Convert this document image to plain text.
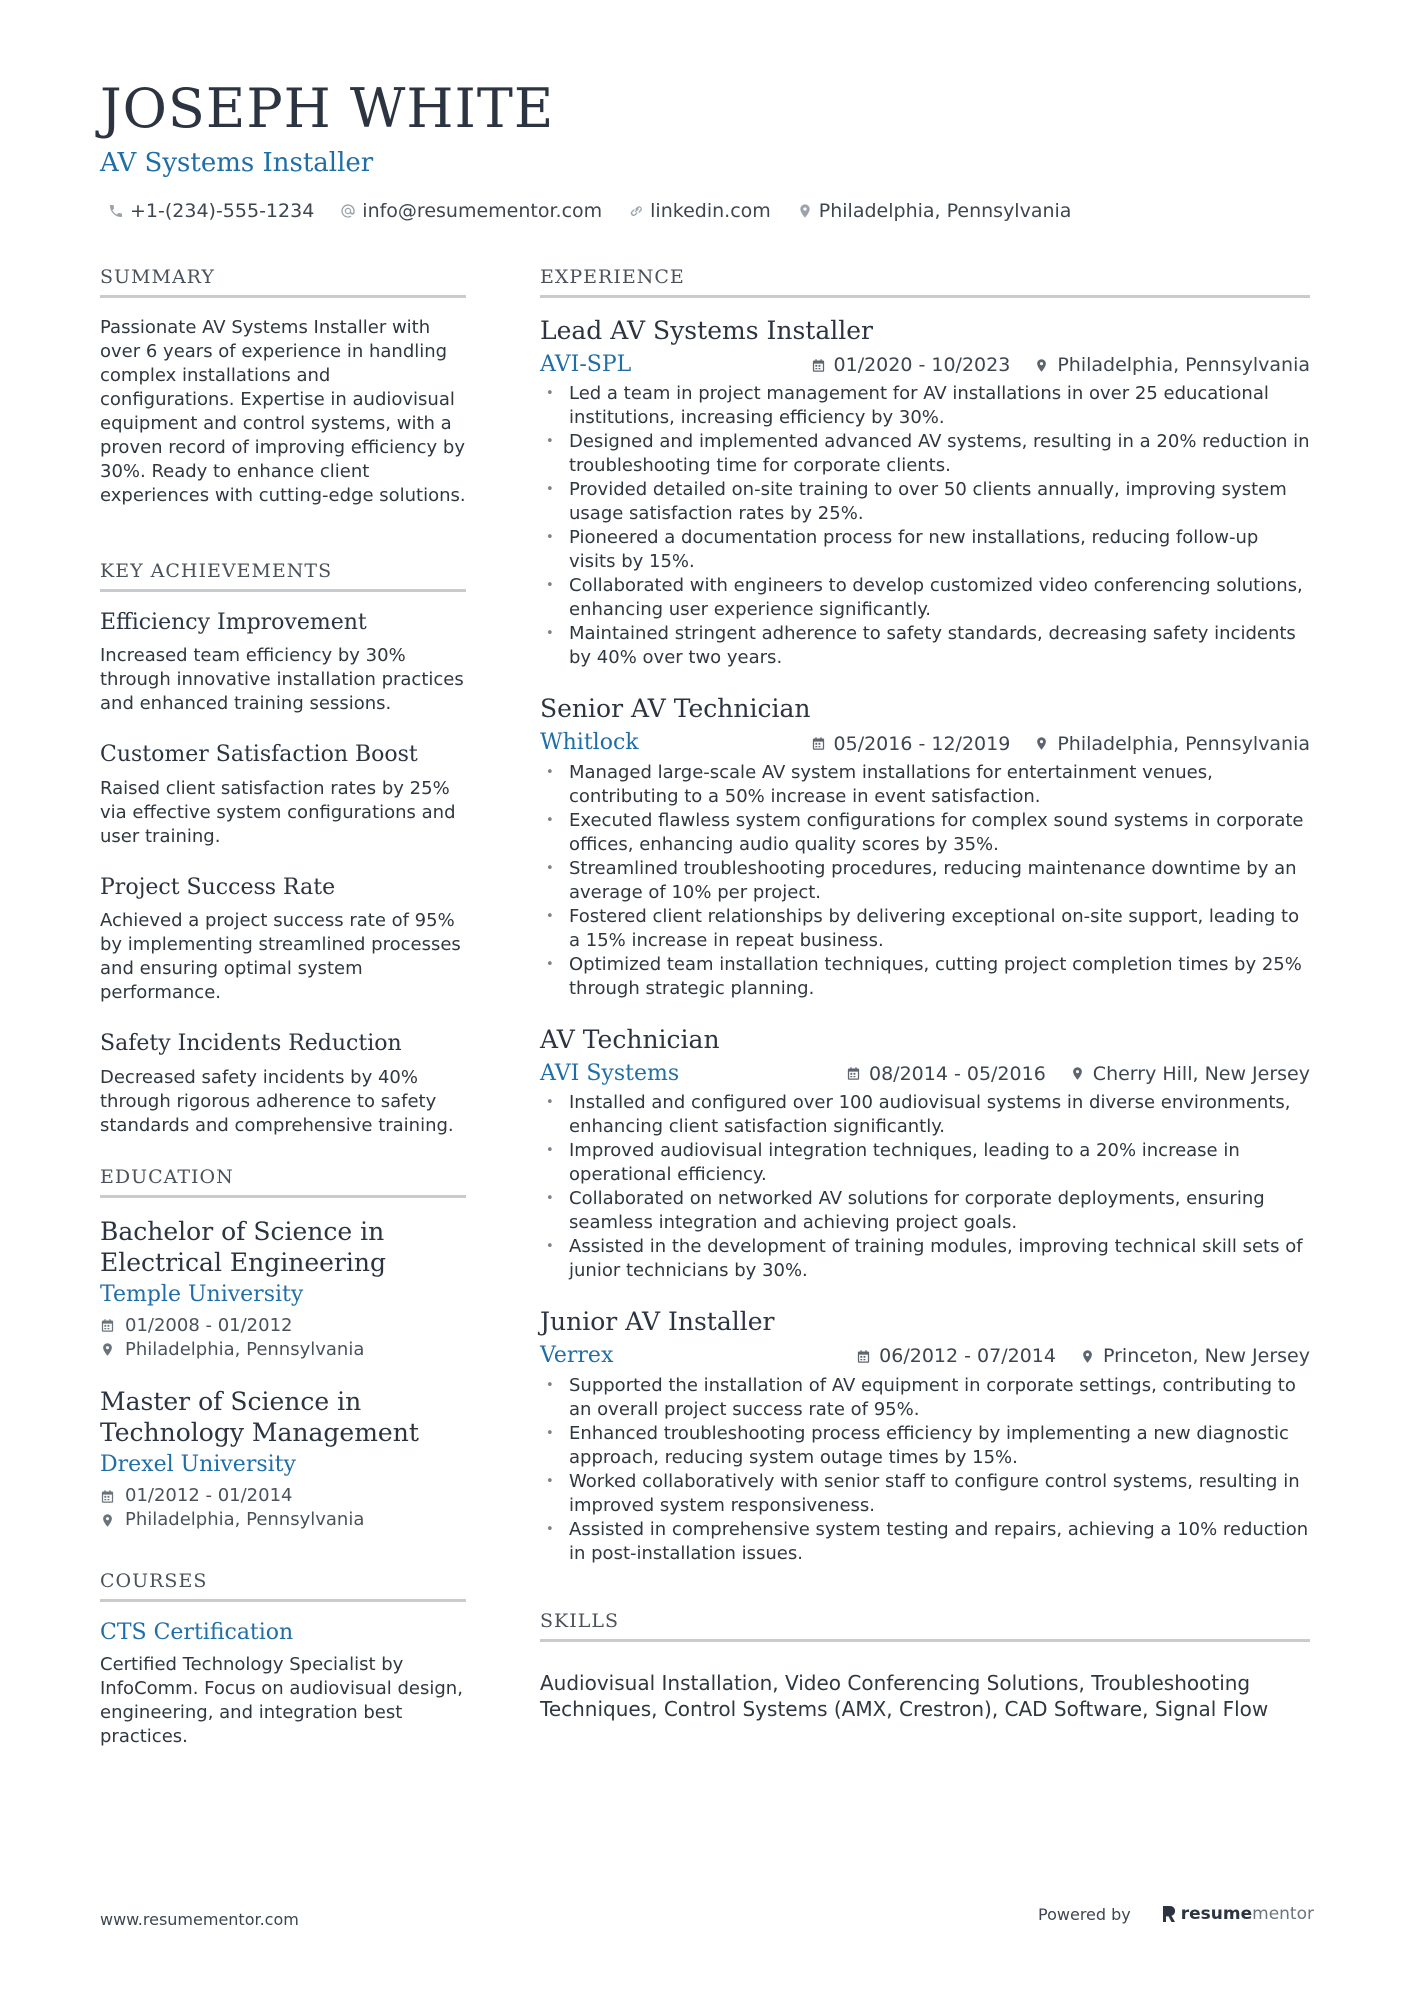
JOSEPH WHITE
AV Systems Installer
+1-(234)-555-1234	info@resumementor.com	linkedin.com	Philadelphia, Pennsylvania
SUMMARY

Passionate AV Systems Installer with over 6 years of experience in handling complex installations and configurations. Expertise in audiovisual equipment and control systems, with a proven record of improving efficiency by 30%. Ready to enhance client experiences with cutting-edge solutions.

KEY ACHIEVEMENTS
Efficiency Improvement

Increased team efficiency by 30% through innovative installation practices and enhanced training sessions.

Customer Satisfaction Boost

Raised client satisfaction rates by 25% via effective system configurations and user training.

Project Success Rate

Achieved a project success rate of 95% by implementing streamlined processes and ensuring optimal system performance.

Safety Incidents Reduction

Decreased safety incidents by 40% through rigorous adherence to safety standards and comprehensive training.

EDUCATION
Bachelor of Science in Electrical Engineering
Temple University
01/2008 - 01/2012
Philadelphia, Pennsylvania
Master of Science in Technology Management
Drexel University
01/2012 - 01/2014
Philadelphia, Pennsylvania
COURSES
CTS Certification

Certified Technology Specialist by InfoComm. Focus on audiovisual design, engineering, and integration best practices.

EXPERIENCE
Lead AV Systems Installer
AVI-SPL	01/2020 - 10/2023 Philadelphia, Pennsylvania
• Led a team in project management for AV installations in over 25 educational institutions, increasing efficiency by 30%.
• Designed and implemented advanced AV systems, resulting in a 20% reduction in troubleshooting time for corporate clients.
• Provided detailed on-site training to over 50 clients annually, improving system usage satisfaction rates by 25%.
• Pioneered a documentation process for new installations, reducing follow-up visits by 15%.
• Collaborated with engineers to develop customized video conferencing solutions, enhancing user experience significantly.
• Maintained stringent adherence to safety standards, decreasing safety incidents by 40% over two years.
Senior AV Technician
Whitlock	05/2016 - 12/2019 Philadelphia, Pennsylvania
• Managed large-scale AV system installations for entertainment venues, contributing to a 50% increase in event satisfaction.
• Executed flawless system configurations for complex sound systems in corporate offices, enhancing audio quality scores by 35%.
• Streamlined troubleshooting procedures, reducing maintenance downtime by an average of 10% per project.
• Fostered client relationships by delivering exceptional on-site support, leading to a 15% increase in repeat business.
• Optimized team installation techniques, cutting project completion times by 25% through strategic planning.
AV Technician
AVI Systems	08/2014 - 05/2016 Cherry Hill, New Jersey
• Installed and configured over 100 audiovisual systems in diverse environments, enhancing client satisfaction significantly.
• Improved audiovisual integration techniques, leading to a 20% increase in operational efficiency.
• Collaborated on networked AV solutions for corporate deployments, ensuring seamless integration and achieving project goals.
• Assisted in the development of training modules, improving technical skill sets of junior technicians by 30%.
Junior AV Installer
Verrex	06/2012 - 07/2014 Princeton, New Jersey
• Supported the installation of AV equipment in corporate settings, contributing to an overall project success rate of 95%.
• Enhanced troubleshooting process efficiency by implementing a new diagnostic approach, reducing system outage times by 15%.
• Worked collaboratively with senior staff to configure control systems, resulting in improved system responsiveness.
• Assisted in comprehensive system testing and repairs, achieving a 10% reduction in post-installation issues.
SKILLS

Audiovisual Installation, Video Conferencing Solutions, Troubleshooting Techniques, Control Systems (AMX, Crestron), CAD Software, Signal Flow

www.resumementor.com	Powered by	resume mentor
